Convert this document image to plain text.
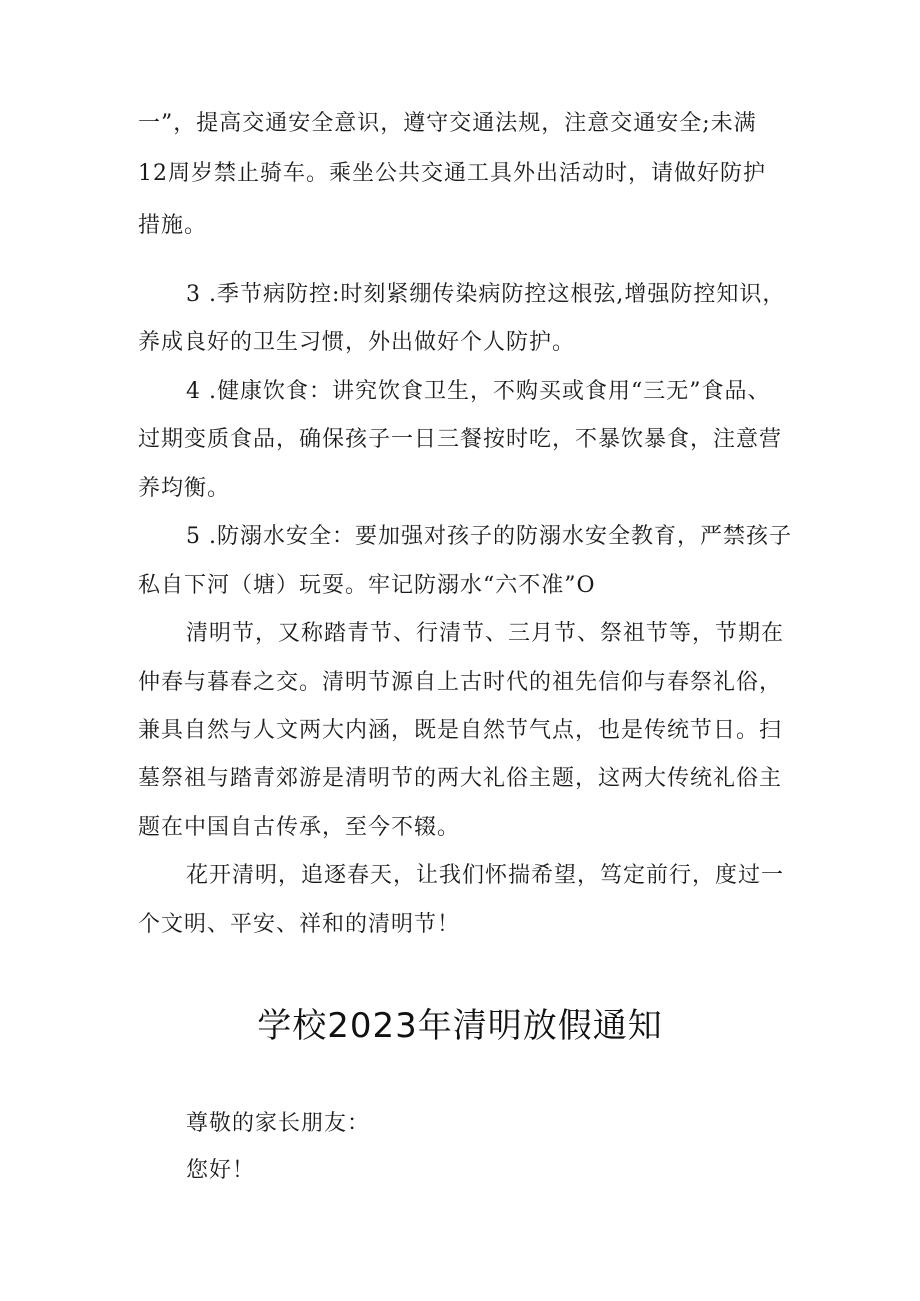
一”，提高交通安全意识，遵守交通法规，注意交通安全;未满
12周岁禁止骑车。乘坐公共交通工具外出活动时，请做好防护
措施。
3 .季节病防控:时刻紧绷传染病防控这根弦,增强防控知识，
养成良好的卫生习惯，外出做好个人防护。
4 .健康饮食：讲究饮食卫生，不购买或食用“三无”食品、
过期变质食品，确保孩子一日三餐按时吃，不暴饮暴食，注意营
养均衡。
5 .防溺水安全：要加强对孩子的防溺水安全教育，严禁孩子
私自下河（塘）玩耍。牢记防溺水“六不准”O
清明节，又称踏青节、行清节、三月节、祭祖节等，节期在
仲春与暮春之交。清明节源自上古时代的祖先信仰与春祭礼俗，
兼具自然与人文两大内涵，既是自然节气点，也是传统节日。扫
墓祭祖与踏青郊游是清明节的两大礼俗主题，这两大传统礼俗主
题在中国自古传承，至今不辍。
花开清明，追逐春天，让我们怀揣希望，笃定前行，度过一
个文明、平安、祥和的清明节！
学校2023年清明放假通知
尊敬的家长朋友：
您好！
